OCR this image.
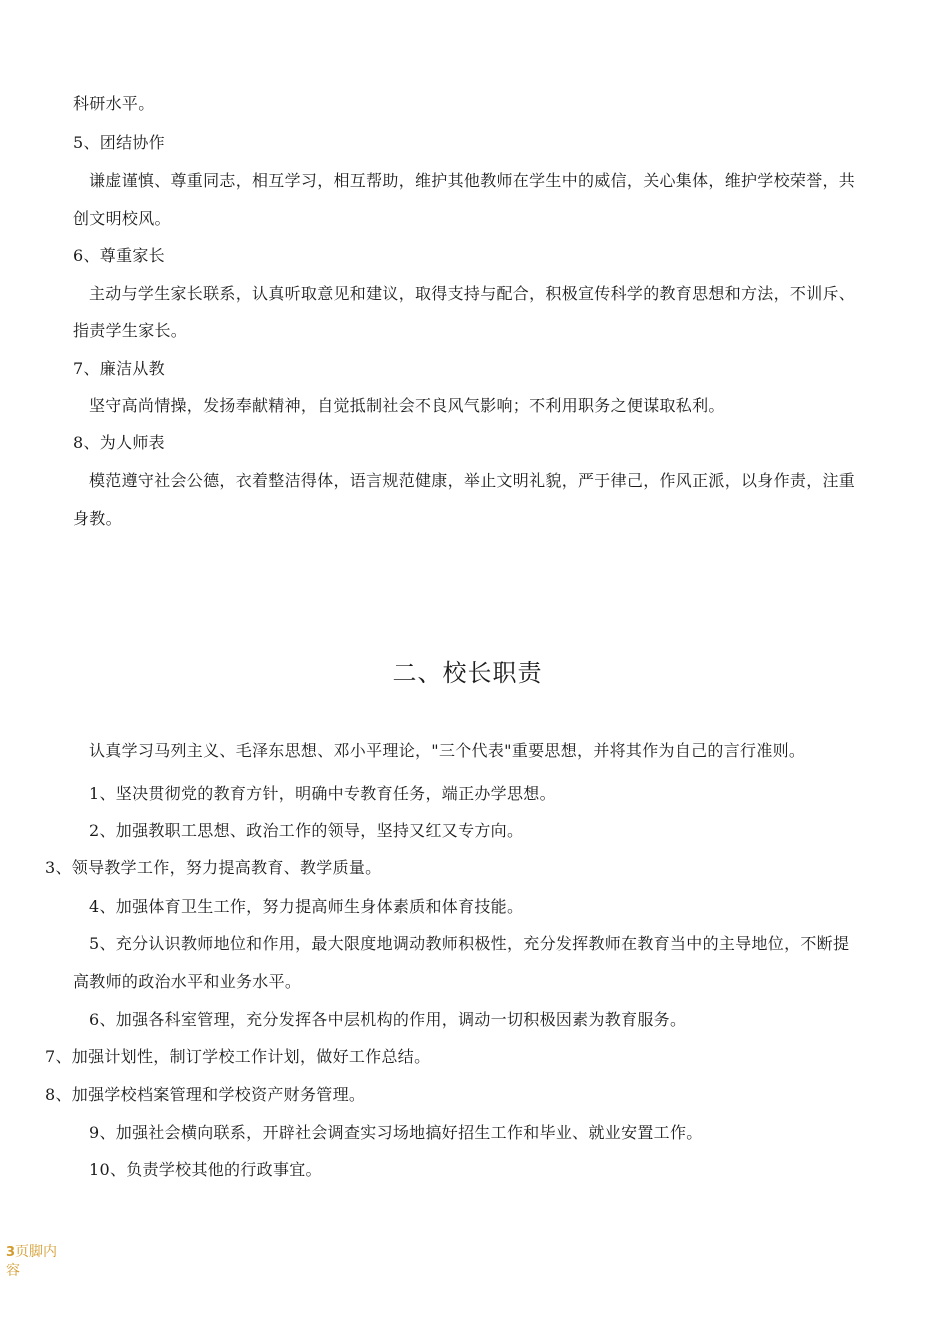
科研水平。
5、团结协作
谦虚谨慎、尊重同志，相互学习，相互帮助，维护其他教师在学生中的威信，关心集体，维护学校荣誉，共
创文明校风。
6、尊重家长
主动与学生家长联系，认真听取意见和建议，取得支持与配合，积极宣传科学的教育思想和方法，不训斥、
指责学生家长。
7、廉洁从教
坚守高尚情操，发扬奉献精神，自觉抵制社会不良风气影响；不利用职务之便谋取私利。
8、为人师表
模范遵守社会公德，衣着整洁得体，语言规范健康，举止文明礼貌，严于律己，作风正派，以身作责，注重
身教。
二、校长职责
认真学习马列主义、毛泽东思想、邓小平理论，"三个代表"重要思想，并将其作为自己的言行准则。
1、坚决贯彻党的教育方针，明确中专教育任务，端正办学思想。
2、加强教职工思想、政治工作的领导，坚持又红又专方向。
3、领导教学工作，努力提高教育、教学质量。
4、加强体育卫生工作，努力提高师生身体素质和体育技能。
5、充分认识教师地位和作用，最大限度地调动教师积极性，充分发挥教师在教育当中的主导地位，不断提
高教师的政治水平和业务水平。
6、加强各科室管理，充分发挥各中层机构的作用，调动一切积极因素为教育服务。
7、加强计划性，制订学校工作计划，做好工作总结。
8、加强学校档案管理和学校资产财务管理。
9、加强社会横向联系，开辟社会调查实习场地搞好招生工作和毕业、就业安置工作。
10、负责学校其他的行政事宜。
3页脚内容
